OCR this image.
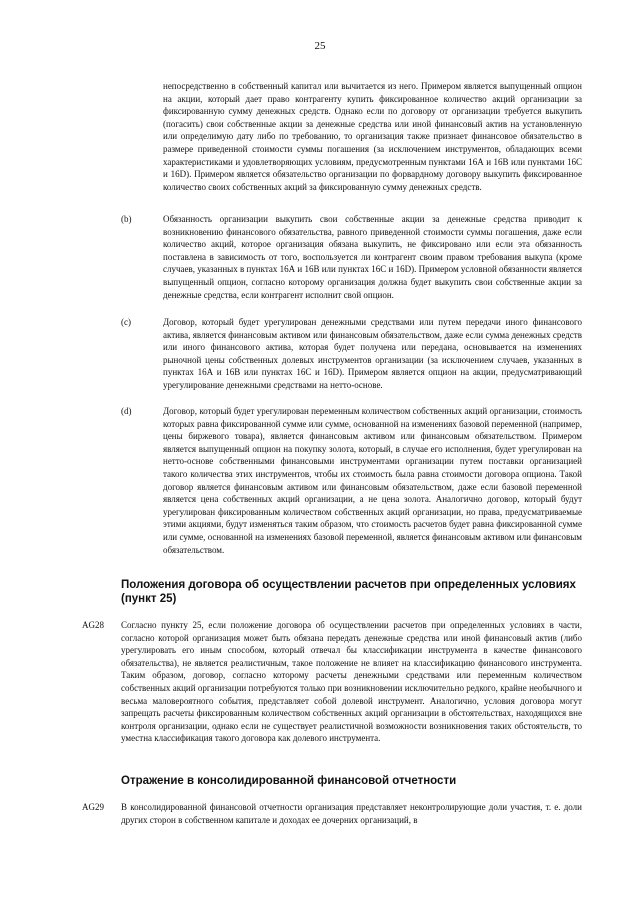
25

непосредственно в собственный капитал или вычитается из него. Примером является выпущенный опцион на акции, который дает право контрагенту купить фиксированное количество акций организации за фиксированную сумму денежных средств. Однако если по договору от организации требуется выкупить (погасить) свои собственные акции за денежные средства или иной финансовый актив на установленную или определимую дату либо по требованию, то организация также признает финансовое обязательство в размере приведенной стоимости суммы погашения (за исключением инструментов, обладающих всеми характеристиками и удовлетворяющих условиям, предусмотренным пунктами 16А и 16B или пунктами 16C и 16D). Примером является обязательство организации по форвардному договору выкупить фиксированное количество своих собственных акций за фиксированную сумму денежных средств.

(b)	Обязанность организации выкупить свои собственные акции за денежные средства приводит к возникновению финансового обязательства, равного приведенной стоимости суммы погашения, даже если количество акций, которое организация обязана выкупить, не фиксировано или если эта обязанность поставлена в зависимость от того, воспользуется ли контрагент своим правом требования выкупа (кроме случаев, указанных в пунктах 16А и 16B или пунктах 16C и 16D). Примером условной обязанности является выпущенный опцион, согласно которому организация должна будет выкупить свои собственные акции за денежные средства, если контрагент исполнит свой опцион.

(c)	Договор, который будет урегулирован денежными средствами или путем передачи иного финансового актива, является финансовым активом или финансовым обязательством, даже если сумма денежных средств или иного финансового актива, которая будет получена или передана, основывается на изменениях рыночной цены собственных долевых инструментов организации (за исключением случаев, указанных в пунктах 16А и 16B или пунктах 16C и 16D). Примером является опцион на акции, предусматривающий урегулирование денежными средствами на нетто-основе.

(d)	Договор, который будет урегулирован переменным количеством собственных акций организации, стоимость которых равна фиксированной сумме или сумме, основанной на изменениях базовой переменной (например, цены биржевого товара), является финансовым активом или финансовым обязательством. Примером является выпущенный опцион на покупку золота, который, в случае его исполнения, будет урегулирован на нетто-основе собственными финансовыми инструментами организации путем поставки организацией такого количества этих инструментов, чтобы их стоимость была равна стоимости договора опциона. Такой договор является финансовым активом или финансовым обязательством, даже если базовой переменной является цена собственных акций организации, а не цена золота. Аналогично договор, который будут урегулирован фиксированным количеством собственных акций организации, но права, предусматриваемые этими акциями, будут изменяться таким образом, что стоимость расчетов будет равна фиксированной сумме или сумме, основанной на изменениях базовой переменной, является финансовым активом или финансовым обязательством.

Положения договора об осуществлении расчетов при определенных условиях (пункт 25)
AG28 Согласно пункту 25, если положение договора об осуществлении расчетов при определенных условиях в части, согласно которой организация может быть обязана передать денежные средства или иной финансовый актив (либо урегулировать его иным способом, который отвечал бы классификации инструмента в качестве финансового обязательства), не является реалистичным, такое положение не влияет на классификацию финансового инструмента. Таким образом, договор, согласно которому расчеты денежными средствами или переменным количеством собственных акций организации потребуются только при возникновении исключительно редкого, крайне необычного и весьма маловероятного события, представляет собой долевой инструмент. Аналогично, условия договора могут запрещать расчеты фиксированным количеством собственных акций организации в обстоятельствах, находящихся вне контроля организации, однако если не существует реалистичной возможности возникновения таких обстоятельств, то уместна классификация такого договора как долевого инструмента.

Отражение в консолидированной финансовой отчетности
AG29 В консолидированной финансовой отчетности организация представляет неконтролирующие доли участия, т. е. доли других сторон в собственном капитале и доходах ее дочерних организаций, в
